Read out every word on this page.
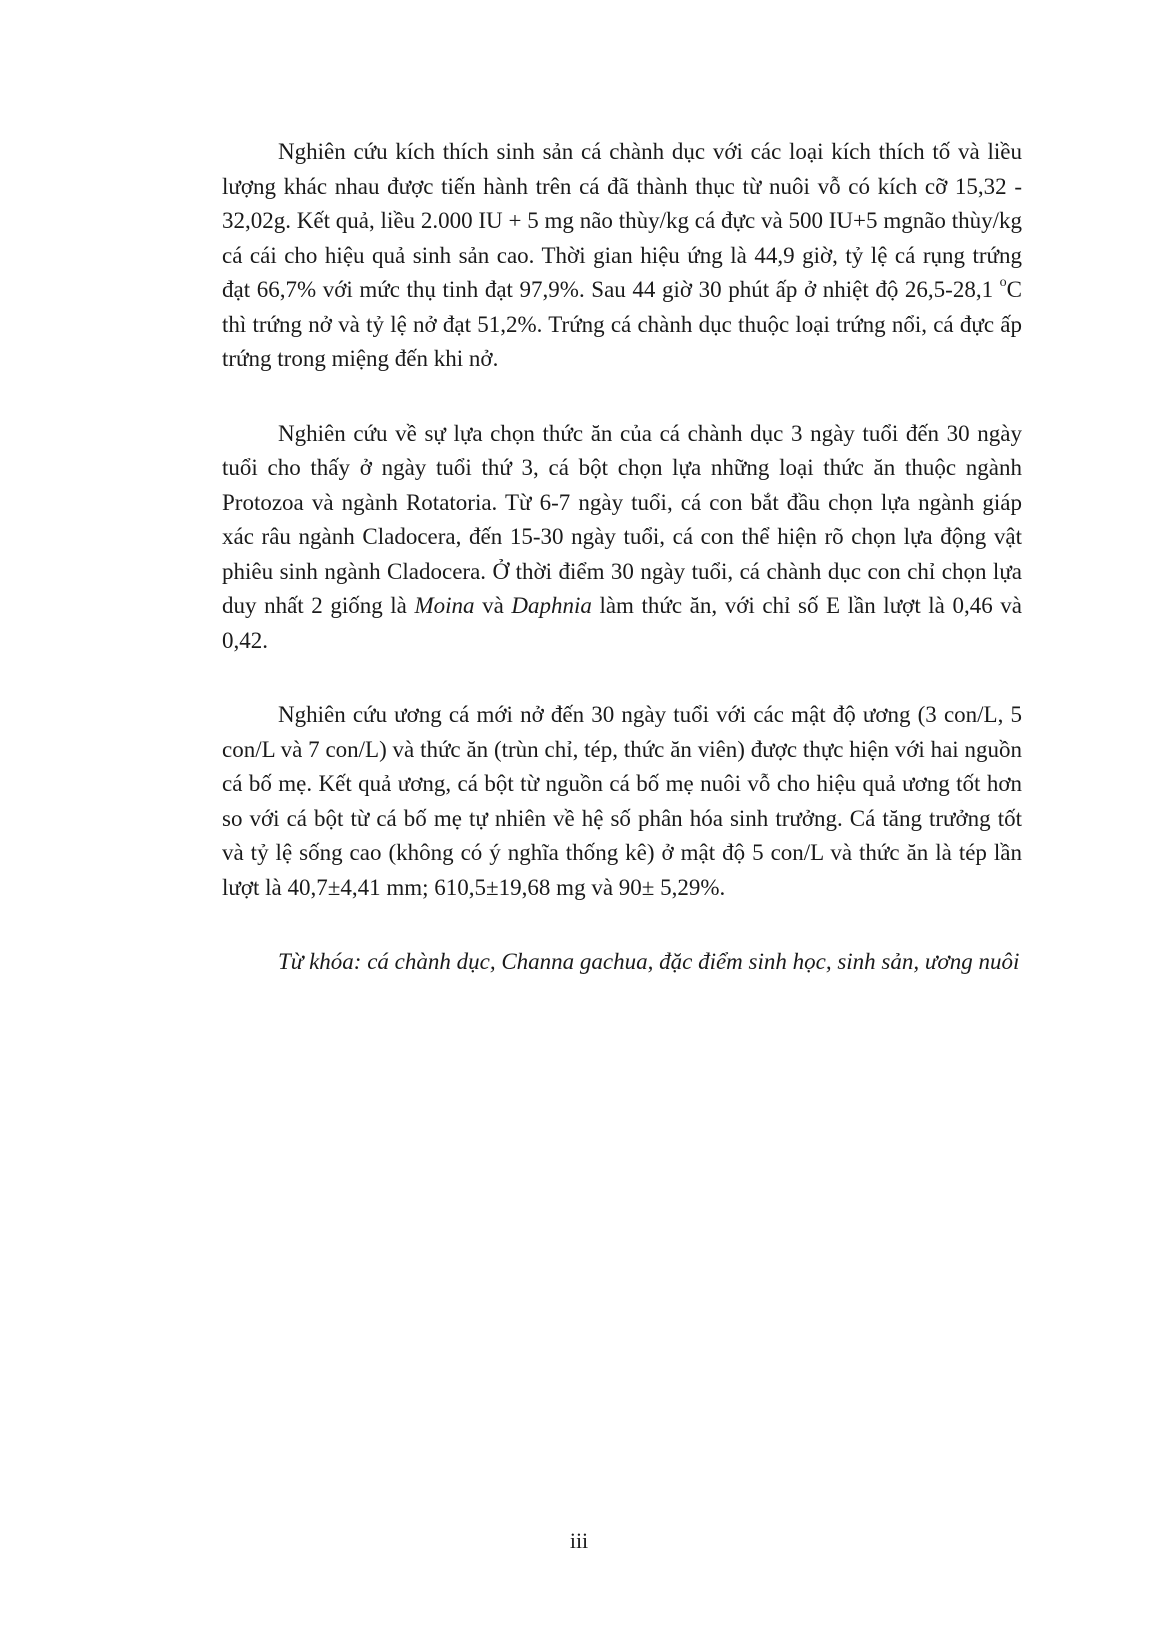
Nghiên cứu kích thích sinh sản cá chành dục với các loại kích thích tố và liều lượng khác nhau được tiến hành trên cá đã thành thục từ nuôi vỗ có kích cỡ 15,32 - 32,02g. Kết quả, liều 2.000 IU + 5 mg não thùy/kg cá đực và 500 IU+5 mgnão thùy/kg cá cái cho hiệu quả sinh sản cao. Thời gian hiệu ứng là 44,9 giờ, tỷ lệ cá rụng trứng đạt 66,7% với mức thụ tinh đạt 97,9%. Sau 44 giờ 30 phút ấp ở nhiệt độ 26,5-28,1 $^o$C thì trứng nở và tỷ lệ nở đạt 51,2%. Trứng cá chành dục thuộc loại trứng nổi, cá đực ấp trứng trong miệng đến khi nở.

Nghiên cứu về sự lựa chọn thức ăn của cá chành dục 3 ngày tuổi đến 30 ngày tuổi cho thấy ở ngày tuổi thứ 3, cá bột chọn lựa những loại thức ăn thuộc ngành Protozoa và ngành Rotatoria. Từ 6-7 ngày tuổi, cá con bắt đầu chọn lựa ngành giáp xác râu ngành Cladocera, đến 15-30 ngày tuổi, cá con thể hiện rõ chọn lựa động vật phiêu sinh ngành Cladocera. Ở thời điểm 30 ngày tuổi, cá chành dục con chỉ chọn lựa duy nhất 2 giống là Moina và Daphnia làm thức ăn, với chỉ số E lần lượt là 0,46 và 0,42.

Nghiên cứu ương cá mới nở đến 30 ngày tuổi với các mật độ ương (3 con/L, 5 con/L và 7 con/L) và thức ăn (trùn chỉ, tép, thức ăn viên) được thực hiện với hai nguồn cá bố mẹ. Kết quả ương, cá bột từ nguồn cá bố mẹ nuôi vỗ cho hiệu quả ương tốt hơn so với cá bột từ cá bố mẹ tự nhiên về hệ số phân hóa sinh trưởng. Cá tăng trưởng tốt và tỷ lệ sống cao (không có ý nghĩa thống kê) ở mật độ 5 con/L và thức ăn là tép lần lượt là 40,7±4,41 mm; 610,5±19,68 mg và 90± 5,29%.

Từ khóa: cá chành dục, Channa gachua, đặc điểm sinh học, sinh sản, ương nuôi

iii
